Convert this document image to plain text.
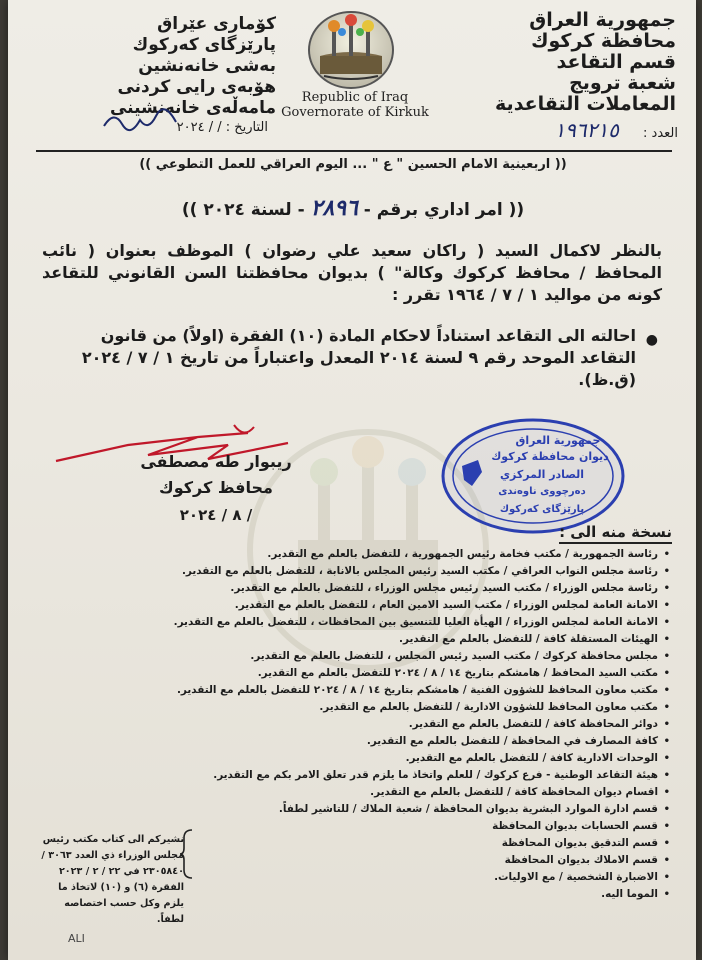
جمهورية العراق
محافظة كركوك
قسم التقاعد
شعبة ترويج
المعاملات التقاعدية
كۆماری عێراق
پارێزگای كەركوك
بەشی خانەنشین
هۆبەی رایی كردنی
مامەڵەی خانەنشینی
Republic of Iraq
Governorate of Kirkuk
العدد : ١٩٦٢١٥
التاريخ : / / ٢٠٢٤
(( اربعينية الامام الحسين " ع " ... اليوم العراقي للعمل التطوعي ))
(( امر اداري برقم - ٢٨٩٦ - لسنة ٢٠٢٤ ))
بالنظر لاكمال السيد ( راكان سعيد علي رضوان ) الموظف بعنوان ( نائب المحافظ / محافظ كركوك وكالة" ) بديوان محافظتنا السن القانوني للتقاعد كونه من مواليد ١ / ٧ / ١٩٦٤ تقرر :
●
احالته الى التقاعد استناداً لاحكام المادة (١٠) الفقرة (اولاً) من قانون التقاعد الموحد رقم ٩ لسنة ٢٠١٤ المعدل واعتباراً من تاريخ ١ / ٧ / ٢٠٢٤ (ق.ظ).
ريبوار طه مصطفى
محافظ كركوك
/ ٨ / ٢٠٢٤
جمهورية العراق
ديوان محافظة كركوك
الصادر المركزي
دەرچووی ناوەندی
پارێزگای كەركوك
نسخة منه الى :
• رئاسة الجمهورية / مكتب فخامة رئيس الجمهورية ، للتفضل بالعلم مع التقدير.
• رئاسة مجلس النواب العراقي / مكتب السيد رئيس المجلس بالانابة ، للتفضل بالعلم مع التقدير.
• رئاسة مجلس الوزراء / مكتب السيد رئيس مجلس الوزراء ، للتفضل بالعلم مع التقدير.
• الامانة العامة لمجلس الوزراء / مكتب السيد الامين العام ، للتفضل بالعلم مع التقدير.
• الامانة العامة لمجلس الوزراء / الهيأة العليا للتنسيق بين المحافظات ، للتفضل بالعلم مع التقدير.
• الهيئات المستقلة كافة / للتفضل بالعلم مع التقدير.
• مجلس محافظة كركوك / مكتب السيد رئيس المجلس ، للتفضل بالعلم مع التقدير.
• مكتب السيد المحافظ / هامشكم بتاريخ ١٤ / ٨ / ٢٠٢٤ للتفضل بالعلم مع التقدير.
• مكتب معاون المحافظ للشؤون الفنية / هامشكم بتاريخ ١٤ / ٨ / ٢٠٢٤ للتفضل بالعلم مع التقدير.
• مكتب معاون المحافظ للشؤون الادارية / للتفضل بالعلم مع التقدير.
• دوائر المحافظة كافة / للتفضل بالعلم مع التقدير.
• كافة المصارف في المحافظة / للتفضل بالعلم مع التقدير.
• الوحدات الادارية كافة / للتفضل بالعلم مع التقدير.
• هيئة التقاعد الوطنية - فرع كركوك / للعلم واتخاذ ما يلزم قدر تعلق الامر بكم مع التقدير.
• اقسام ديوان المحافظة كافة / للتفضل بالعلم مع التقدير.
• قسم ادارة الموارد البشرية بديوان المحافظة / شعبة الملاك / للتاشير لطفاً.
• قسم الحسابات بديوان المحافظة
• قسم التدقيق بديوان المحافظة
• قسم الاملاك بديوان المحافظة
• الاضبارة الشخصية / مع الاوليات.
• الموما اليه.
نشيركم الى كتاب مكتب رئيس مجلس الوزراء ذي العدد ٣٠٦٣ / ٢٣٠٥٨٤٠ في ٢٢ / ٢ / ٢٠٢٣ الفقرة (٦) و (١٠) لاتخاذ ما يلزم وكل حسب اختصاصه لطفاً.
ALI
